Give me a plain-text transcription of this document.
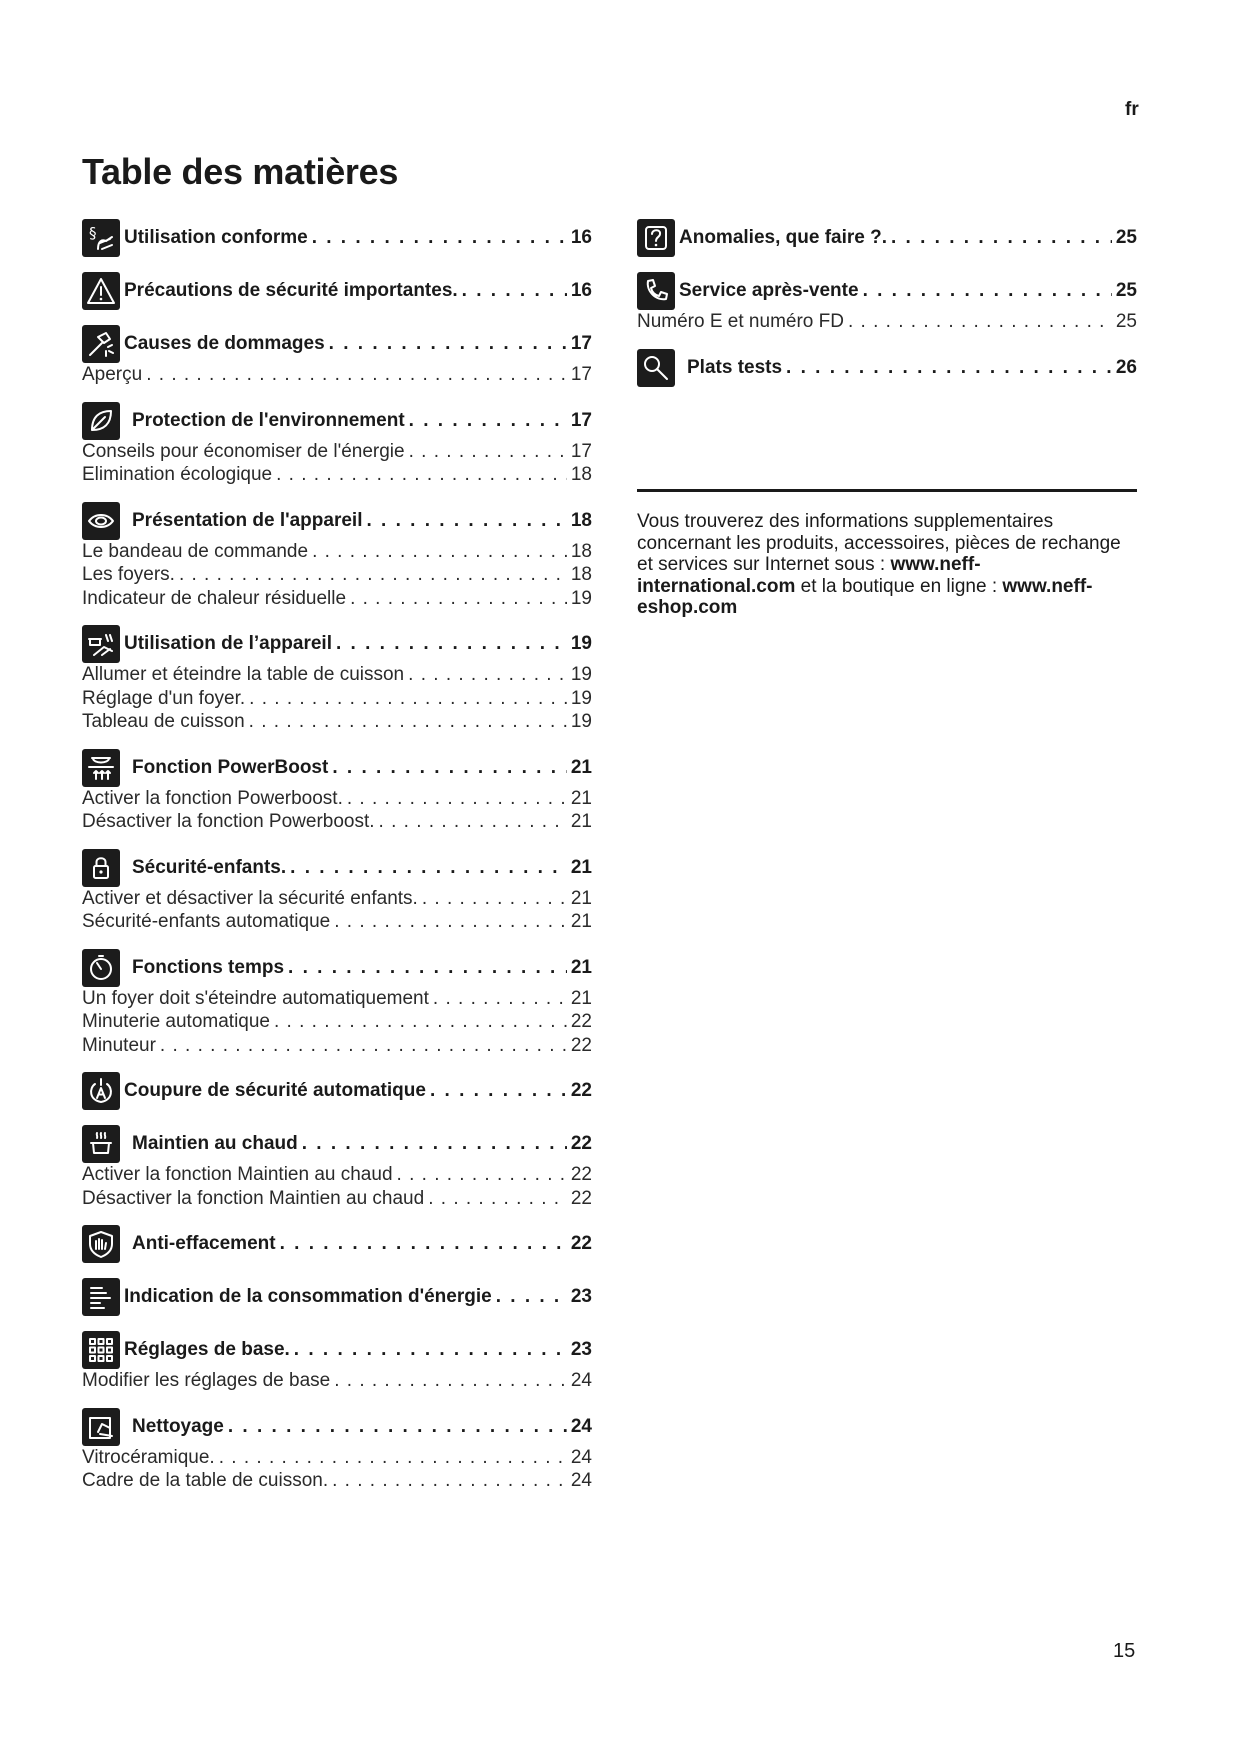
fr
Table des matières
§ Utilisation conforme . . .	16
Précautions de sécurité importantes. . . .	16
Causes de dommages . . .	17
Aperçu . . .	17
Protection de l'environnement . . .	17
Conseils pour économiser de l'énergie . . .	17
Elimination écologique . . .	18
Présentation de l'appareil . . .	18
Le bandeau de commande . . .	18
Les foyers. . . .	18
Indicateur de chaleur résiduelle . . .	19
Utilisation de l’appareil . . .	19
Allumer et éteindre la table de cuisson . . .	19
Réglage d'un foyer. . . .	19
Tableau de cuisson . . .	19
Fonction PowerBoost . . .	21
Activer la fonction Powerboost. . . .	21
Désactiver la fonction Powerboost. . . .	21
Sécurité-enfants. . . .	21
Activer et désactiver la sécurité enfants. . . .	21
Sécurité-enfants automatique . . .	21
Fonctions temps . . .	21
Un foyer doit s'éteindre automatiquement . . .	21
Minuterie automatique . . .	22
Minuteur . . .	22
Coupure de sécurité automatique . . .	22
Maintien au chaud . . .	22
Activer la fonction Maintien au chaud . . .	22
Désactiver la fonction Maintien au chaud . . .	22
Anti-effacement . . .	22
Indication de la consommation d'énergie . . .	23
Réglages de base. . . .	23
Modifier les réglages de base . . .	24
Nettoyage . . .	24
Vitrocéramique. . . .	24
Cadre de la table de cuisson. . . .	24
Anomalies, que faire ?. . . .	25
Service après-vente . . .	25
Numéro E et numéro FD . . .	25
Plats tests . . .	26
Vous trouverez des informations supplementaires concernant les produits, accessoires, pièces de rechange et services sur Internet sous : www.neff-international.com et la boutique en ligne : www.neff-eshop.com
15
